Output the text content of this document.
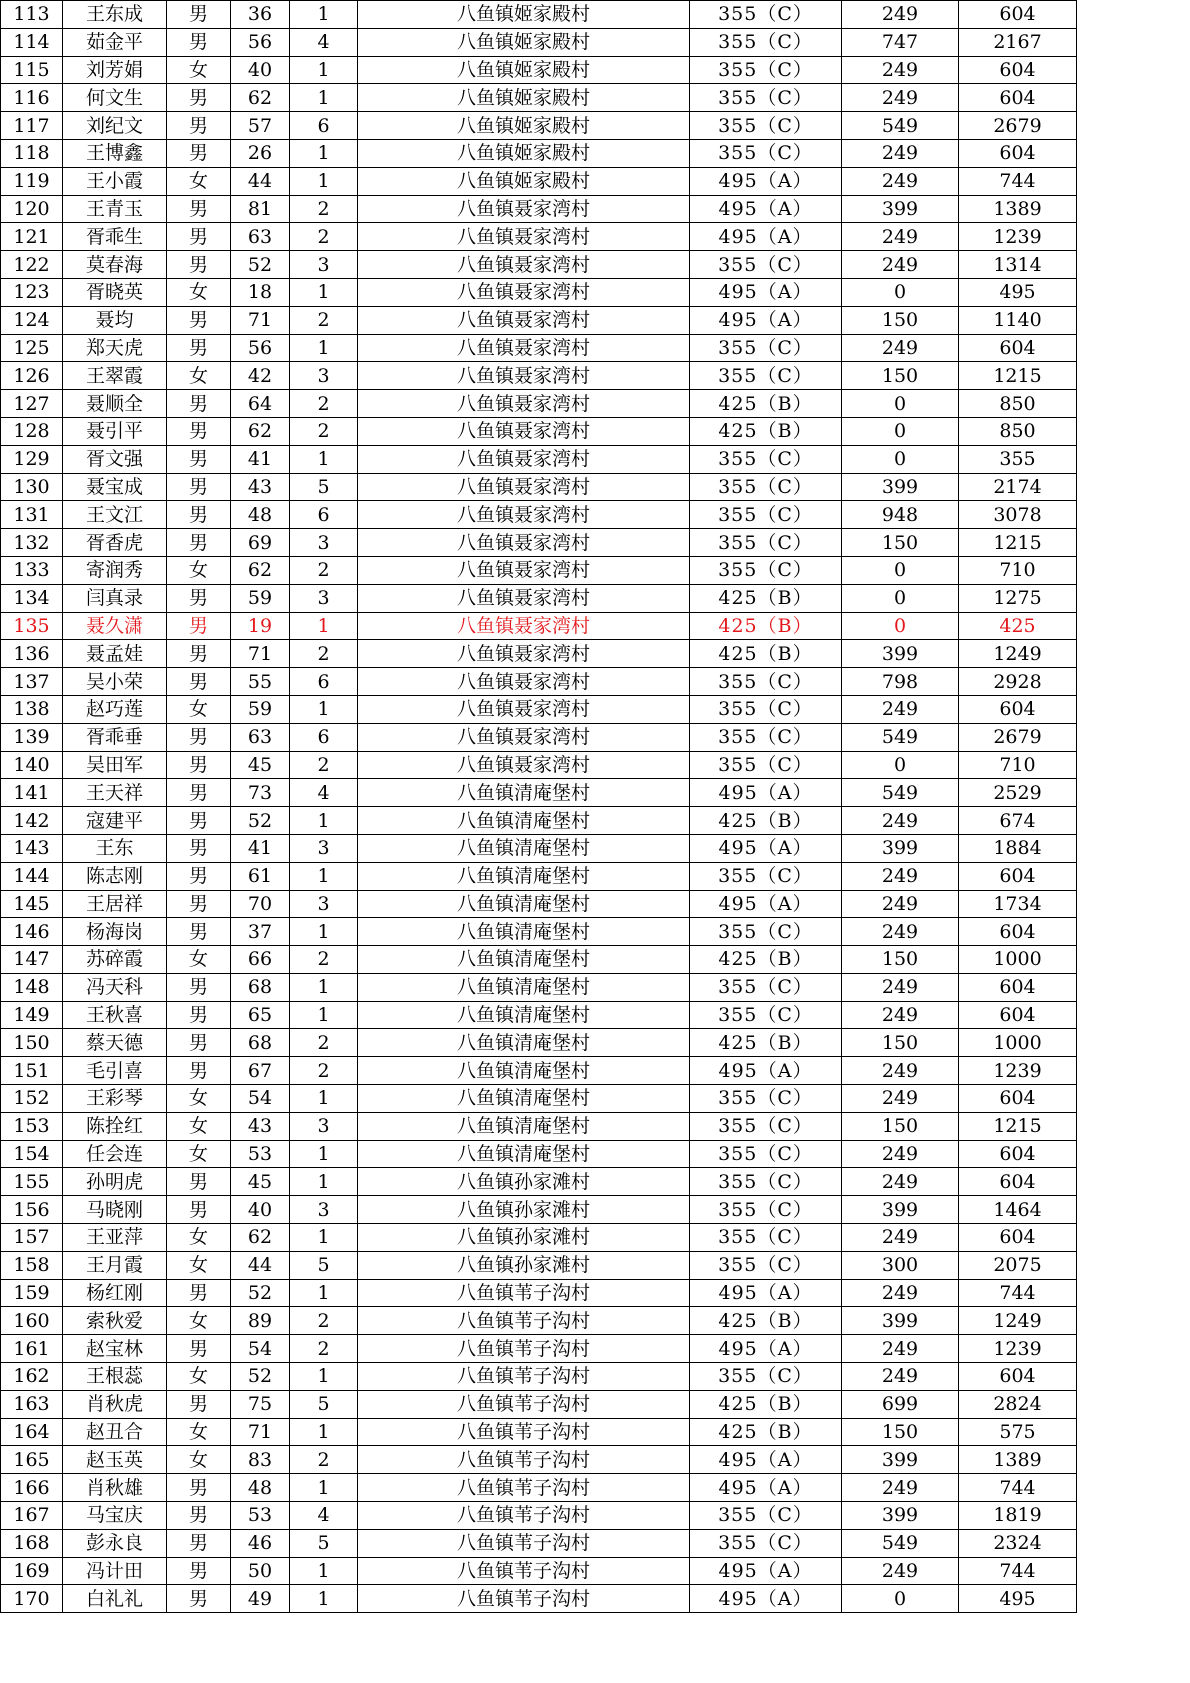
113	王东成	男	36	1	八鱼镇姬家殿村	355（C）	249	604
114	茹金平	男	56	4	八鱼镇姬家殿村	355（C）	747	2167
115	刘芳娟	女	40	1	八鱼镇姬家殿村	355（C）	249	604
116	何文生	男	62	1	八鱼镇姬家殿村	355（C）	249	604
117	刘纪文	男	57	6	八鱼镇姬家殿村	355（C）	549	2679
118	王博鑫	男	26	1	八鱼镇姬家殿村	355（C）	249	604
119	王小霞	女	44	1	八鱼镇姬家殿村	495（A）	249	744
120	王青玉	男	81	2	八鱼镇聂家湾村	495（A）	399	1389
121	胥乖生	男	63	2	八鱼镇聂家湾村	495（A）	249	1239
122	莫春海	男	52	3	八鱼镇聂家湾村	355（C）	249	1314
123	胥晓英	女	18	1	八鱼镇聂家湾村	495（A）	0	495
124	聂均	男	71	2	八鱼镇聂家湾村	495（A）	150	1140
125	郑天虎	男	56	1	八鱼镇聂家湾村	355（C）	249	604
126	王翠霞	女	42	3	八鱼镇聂家湾村	355（C）	150	1215
127	聂顺全	男	64	2	八鱼镇聂家湾村	425（B）	0	850
128	聂引平	男	62	2	八鱼镇聂家湾村	425（B）	0	850
129	胥文强	男	41	1	八鱼镇聂家湾村	355（C）	0	355
130	聂宝成	男	43	5	八鱼镇聂家湾村	355（C）	399	2174
131	王文江	男	48	6	八鱼镇聂家湾村	355（C）	948	3078
132	胥香虎	男	69	3	八鱼镇聂家湾村	355（C）	150	1215
133	寄润秀	女	62	2	八鱼镇聂家湾村	355（C）	0	710
134	闫真录	男	59	3	八鱼镇聂家湾村	425（B）	0	1275
135	聂久潇	男	19	1	八鱼镇聂家湾村	425（B）	0	425
136	聂孟娃	男	71	2	八鱼镇聂家湾村	425（B）	399	1249
137	吴小荣	男	55	6	八鱼镇聂家湾村	355（C）	798	2928
138	赵巧莲	女	59	1	八鱼镇聂家湾村	355（C）	249	604
139	胥乖垂	男	63	6	八鱼镇聂家湾村	355（C）	549	2679
140	吴田军	男	45	2	八鱼镇聂家湾村	355（C）	0	710
141	王天祥	男	73	4	八鱼镇清庵堡村	495（A）	549	2529
142	寇建平	男	52	1	八鱼镇清庵堡村	425（B）	249	674
143	王东	男	41	3	八鱼镇清庵堡村	495（A）	399	1884
144	陈志刚	男	61	1	八鱼镇清庵堡村	355（C）	249	604
145	王居祥	男	70	3	八鱼镇清庵堡村	495（A）	249	1734
146	杨海岗	男	37	1	八鱼镇清庵堡村	355（C）	249	604
147	苏碎霞	女	66	2	八鱼镇清庵堡村	425（B）	150	1000
148	冯天科	男	68	1	八鱼镇清庵堡村	355（C）	249	604
149	王秋喜	男	65	1	八鱼镇清庵堡村	355（C）	249	604
150	蔡天德	男	68	2	八鱼镇清庵堡村	425（B）	150	1000
151	毛引喜	男	67	2	八鱼镇清庵堡村	495（A）	249	1239
152	王彩琴	女	54	1	八鱼镇清庵堡村	355（C）	249	604
153	陈拴红	女	43	3	八鱼镇清庵堡村	355（C）	150	1215
154	任会连	女	53	1	八鱼镇清庵堡村	355（C）	249	604
155	孙明虎	男	45	1	八鱼镇孙家滩村	355（C）	249	604
156	马晓刚	男	40	3	八鱼镇孙家滩村	355（C）	399	1464
157	王亚萍	女	62	1	八鱼镇孙家滩村	355（C）	249	604
158	王月霞	女	44	5	八鱼镇孙家滩村	355（C）	300	2075
159	杨红刚	男	52	1	八鱼镇苇子沟村	495（A）	249	744
160	索秋爱	女	89	2	八鱼镇苇子沟村	425（B）	399	1249
161	赵宝林	男	54	2	八鱼镇苇子沟村	495（A）	249	1239
162	王根蕊	女	52	1	八鱼镇苇子沟村	355（C）	249	604
163	肖秋虎	男	75	5	八鱼镇苇子沟村	425（B）	699	2824
164	赵丑合	女	71	1	八鱼镇苇子沟村	425（B）	150	575
165	赵玉英	女	83	2	八鱼镇苇子沟村	495（A）	399	1389
166	肖秋雄	男	48	1	八鱼镇苇子沟村	495（A）	249	744
167	马宝庆	男	53	4	八鱼镇苇子沟村	355（C）	399	1819
168	彭永良	男	46	5	八鱼镇苇子沟村	355（C）	549	2324
169	冯计田	男	50	1	八鱼镇苇子沟村	495（A）	249	744
170	白礼礼	男	49	1	八鱼镇苇子沟村	495（A）	0	495
